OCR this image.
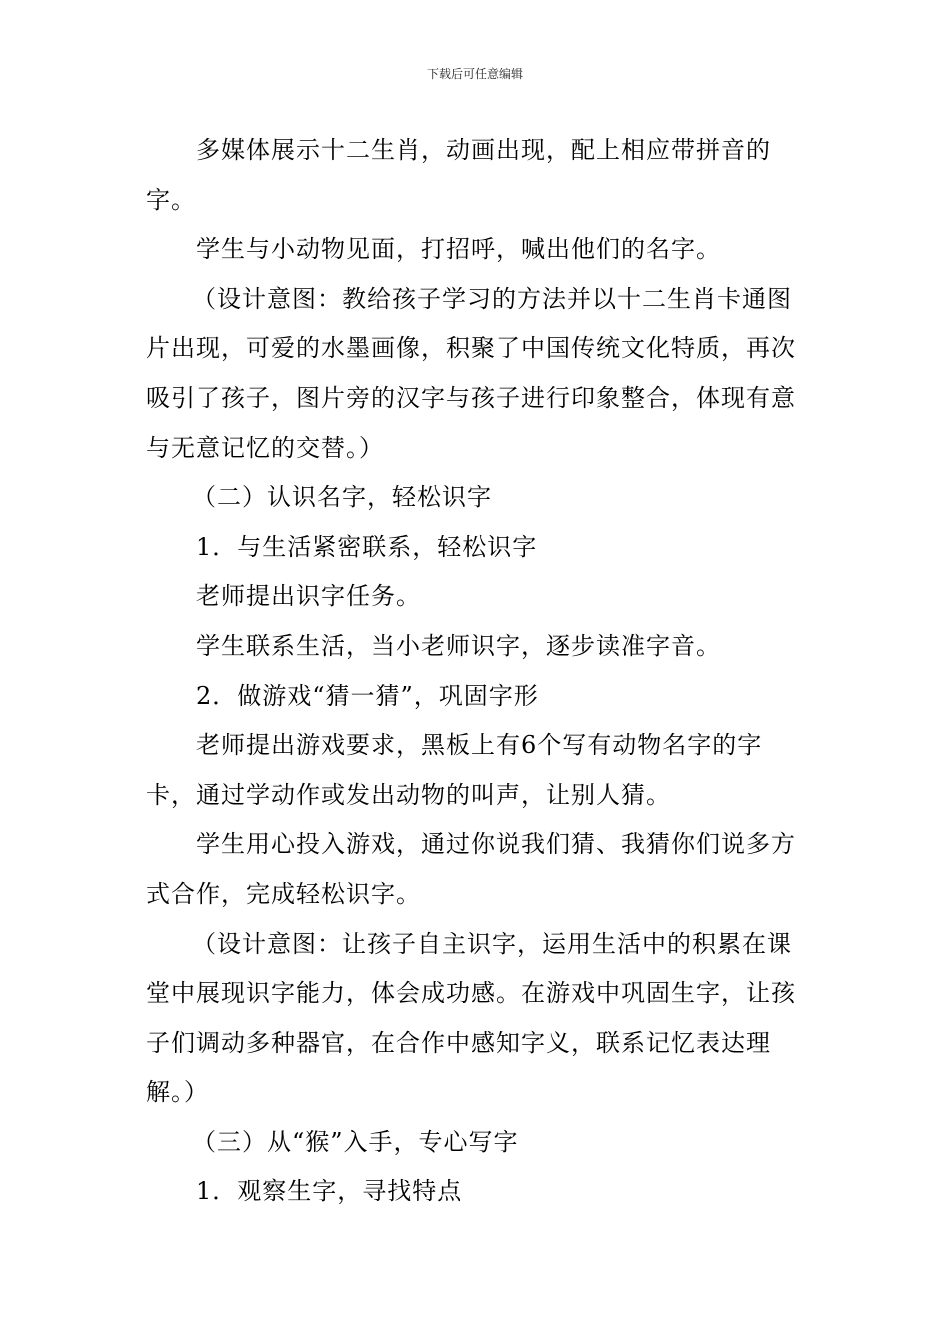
下载后可任意编辑

多媒体展示十二生肖，动画出现，配上相应带拼音的字。

学生与小动物见面，打招呼，喊出他们的名字。

（设计意图：教给孩子学习的方法并以十二生肖卡通图片出现，可爱的水墨画像，积聚了中国传统文化特质，再次吸引了孩子，图片旁的汉字与孩子进行印象整合，体现有意与无意记忆的交替。）

（二）认识名字，轻松识字

1．与生活紧密联系，轻松识字

老师提出识字任务。

学生联系生活，当小老师识字，逐步读准字音。

2．做游戏“猜一猜”，巩固字形

老师提出游戏要求，黑板上有6个写有动物名字的字卡，通过学动作或发出动物的叫声，让别人猜。

学生用心投入游戏，通过你说我们猜、我猜你们说多方式合作，完成轻松识字。

（设计意图：让孩子自主识字，运用生活中的积累在课堂中展现识字能力，体会成功感。在游戏中巩固生字，让孩子们调动多种器官，在合作中感知字义，联系记忆表达理解。）

（三）从“猴”入手，专心写字

1．观察生字，寻找特点
